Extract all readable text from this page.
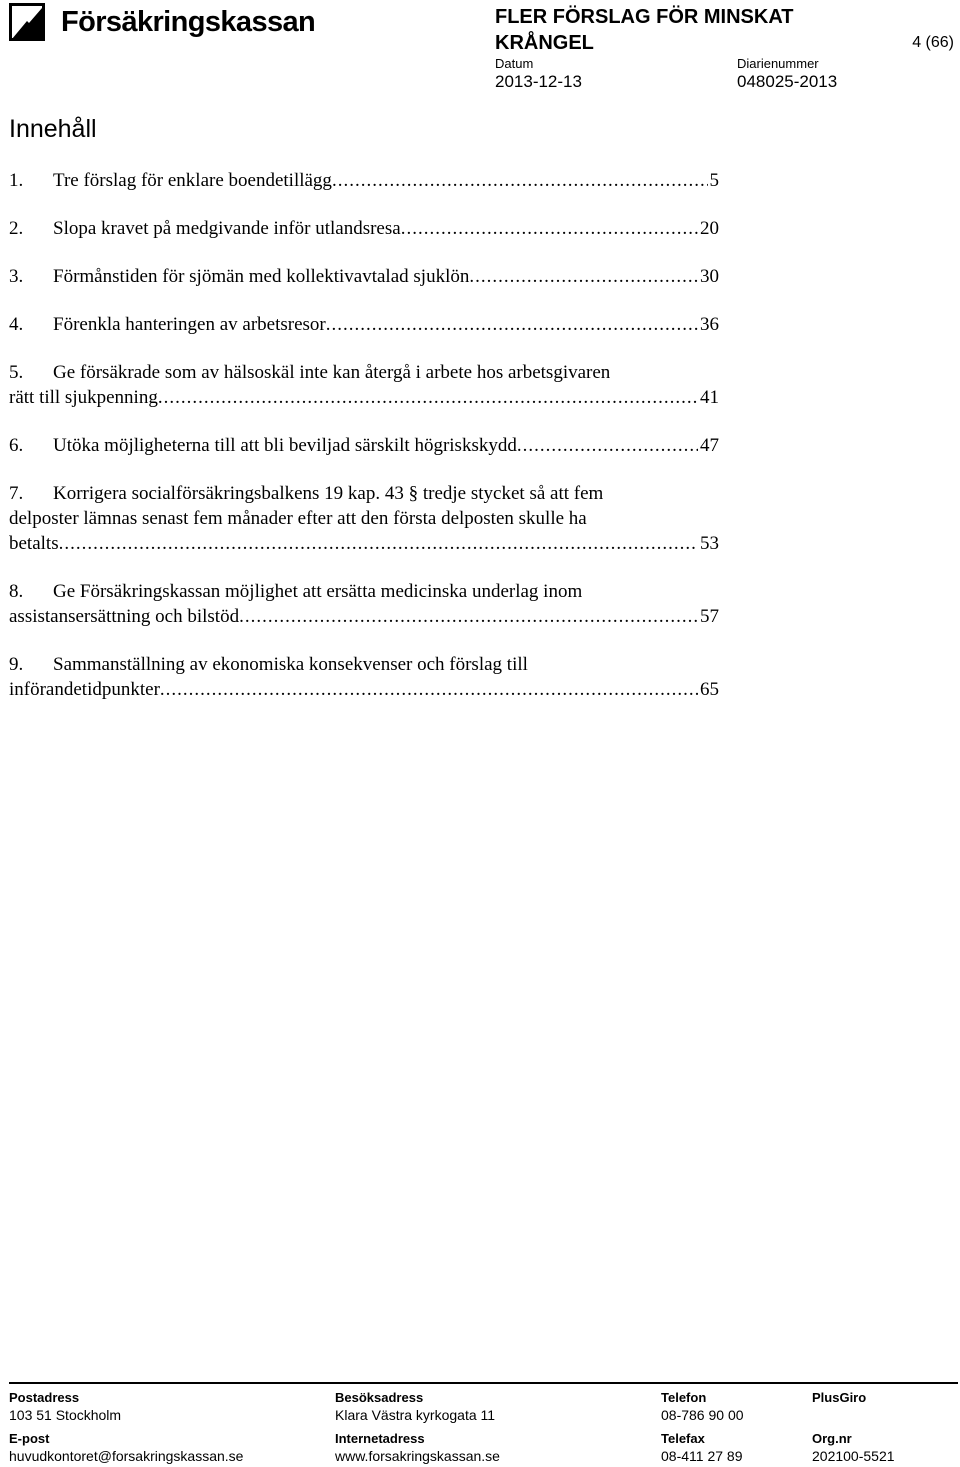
Försäkringskassan	FLER FÖRSLAG FÖR MINSKAT KRÅNGEL	4 (66)
Datum
2013-12-13
Diarienummer
048025-2013
Innehåll
1.	Tre förslag för enklare boendetillägg .....	5
2.	Slopa kravet på medgivande inför utlandsresa .....	20
3.	Förmånstiden för sjömän med kollektivavtalad sjuklön .....	30
4.	Förenkla hanteringen av arbetsresor .....	36
5. Ge försäkrade som av hälsoskäl inte kan återgå i arbete hos arbetsgivaren
rätt till sjukpenning .....	41
6.	Utöka möjligheterna till att bli beviljad särskilt högriskskydd .....	47
7. Korrigera socialförsäkringsbalkens 19 kap. 43 § tredje stycket så att fem
delposter lämnas senast fem månader efter att den första delposten skulle ha
betalts .....	53
8. Ge Försäkringskassan möjlighet att ersätta medicinska underlag inom
assistansersättning och bilstöd .....	57
9. Sammanställning av ekonomiska konsekvenser och förslag till
införandetidpunkter .....	65
Postadress
103 51 Stockholm
Besöksadress
Klara Västra kyrkogata 11
Telefon
08-786 90 00
PlusGiro
E-post
huvudkontoret@forsakringskassan.se
Internetadress
www.forsakringskassan.se
Telefax
08-411 27 89
Org.nr
202100-5521
